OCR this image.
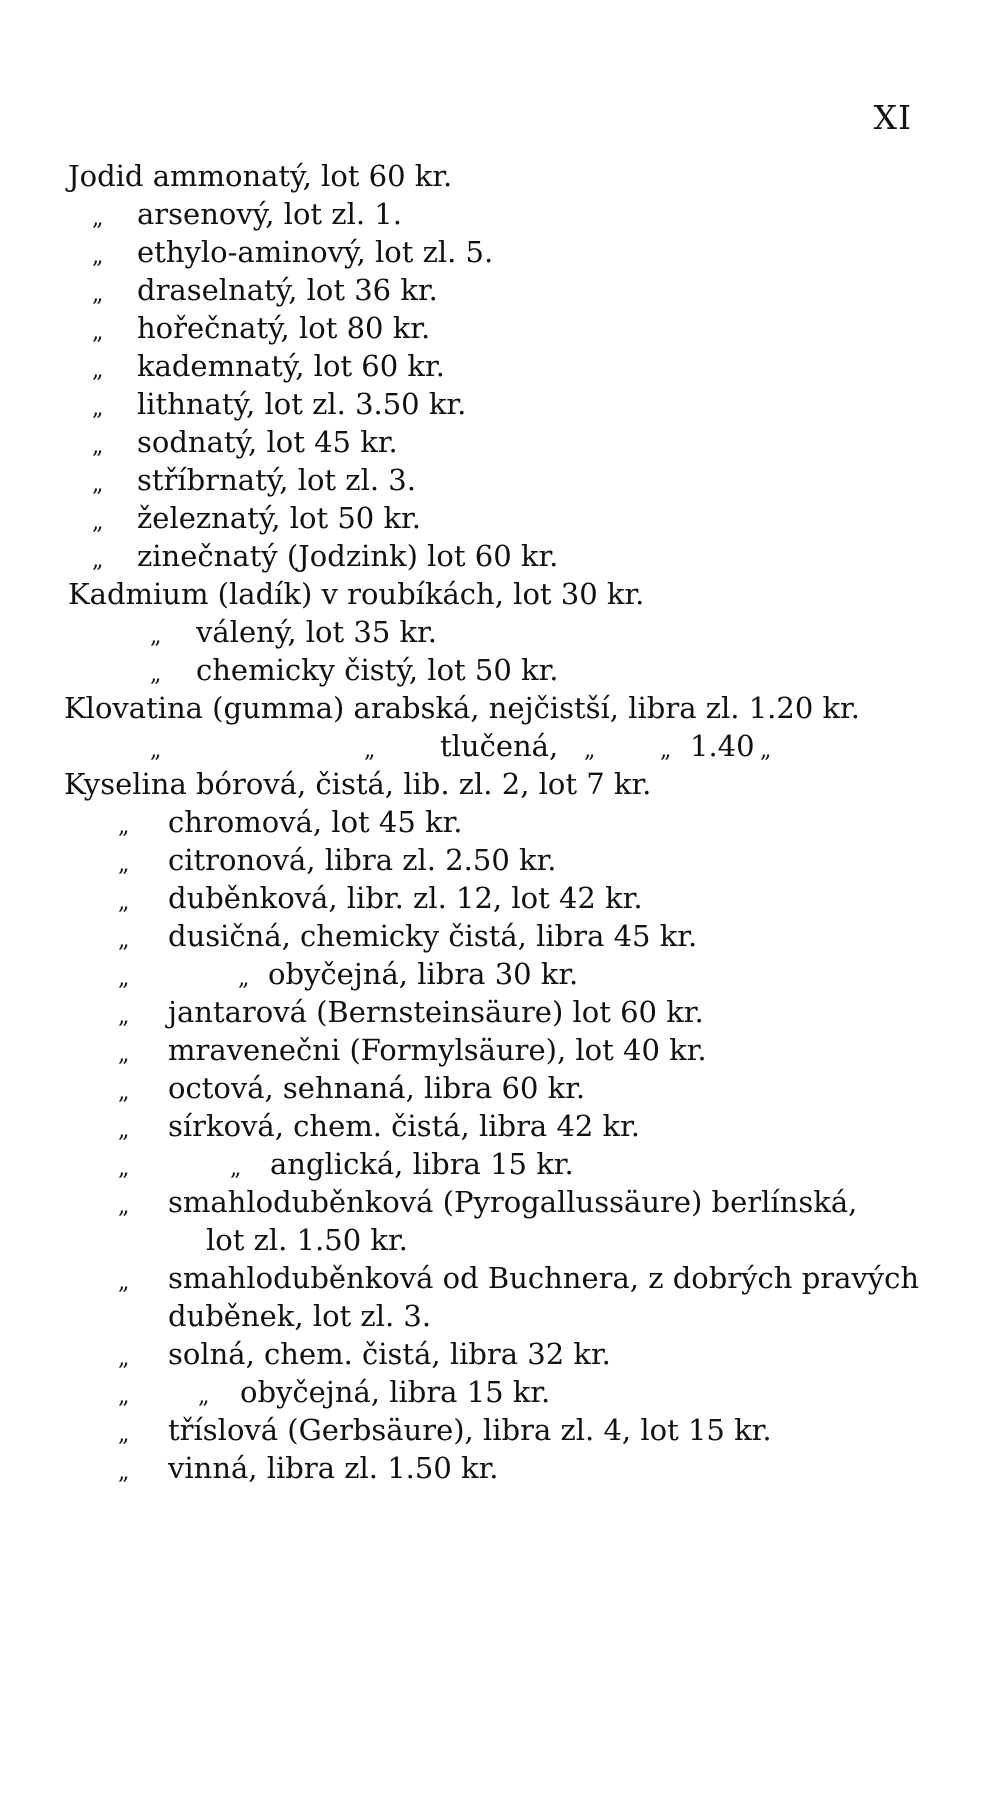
XI
Jodid ammonatý, lot 60 kr.
„ arsenový, lot zl. 1.
„ ethylo-aminový, lot zl. 5.
„ draselnatý, lot 36 kr.
„ hořečnatý, lot 80 kr.
„ kademnatý, lot 60 kr.
„ lithnatý, lot zl. 3.50 kr.
„ sodnatý, lot 45 kr.
„ stříbrnatý, lot zl. 3.
„ železnatý, lot 50 kr.
„ zinečnatý (Jodzink) lot 60 kr.
Kadmium (ladík) v roubíkách, lot 30 kr.
„ válený, lot 35 kr.
„ chemicky čistý, lot 50 kr.
Klovatina (gumma) arabská, nejčistší, libra zl. 1.20 kr.
„	„ tlučená, „	„ 1.40 „
Kyselina bórová, čistá, lib. zl. 2, lot 7 kr.
„ chromová, lot 45 kr.
„ citronová, libra zl. 2.50 kr.
„ duběnková, libr. zl. 12, lot 42 kr.
„ dusičná, chemicky čistá, libra 45 kr.
„	„ obyčejná, libra 30 kr.
„ jantarová (Bernsteinsäure) lot 60 kr.
„ mravenečni (Formylsäure), lot 40 kr.
„ octová, sehnaná, libra 60 kr.
„ sírková, chem. čistá, libra 42 kr.
„	„ anglická, libra 15 kr.
„ smahloduběnková (Pyrogallussäure) berlínská,
lot zl. 1.50 kr.
„ smahloduběnková od Buchnera, z dobrých pravých
duběnek, lot zl. 3.
„ solná, chem. čistá, libra 32 kr.
„	„ obyčejná, libra 15 kr.
„ tříslová (Gerbsäure), libra zl. 4, lot 15 kr.
„ vinná, libra zl. 1.50 kr.
